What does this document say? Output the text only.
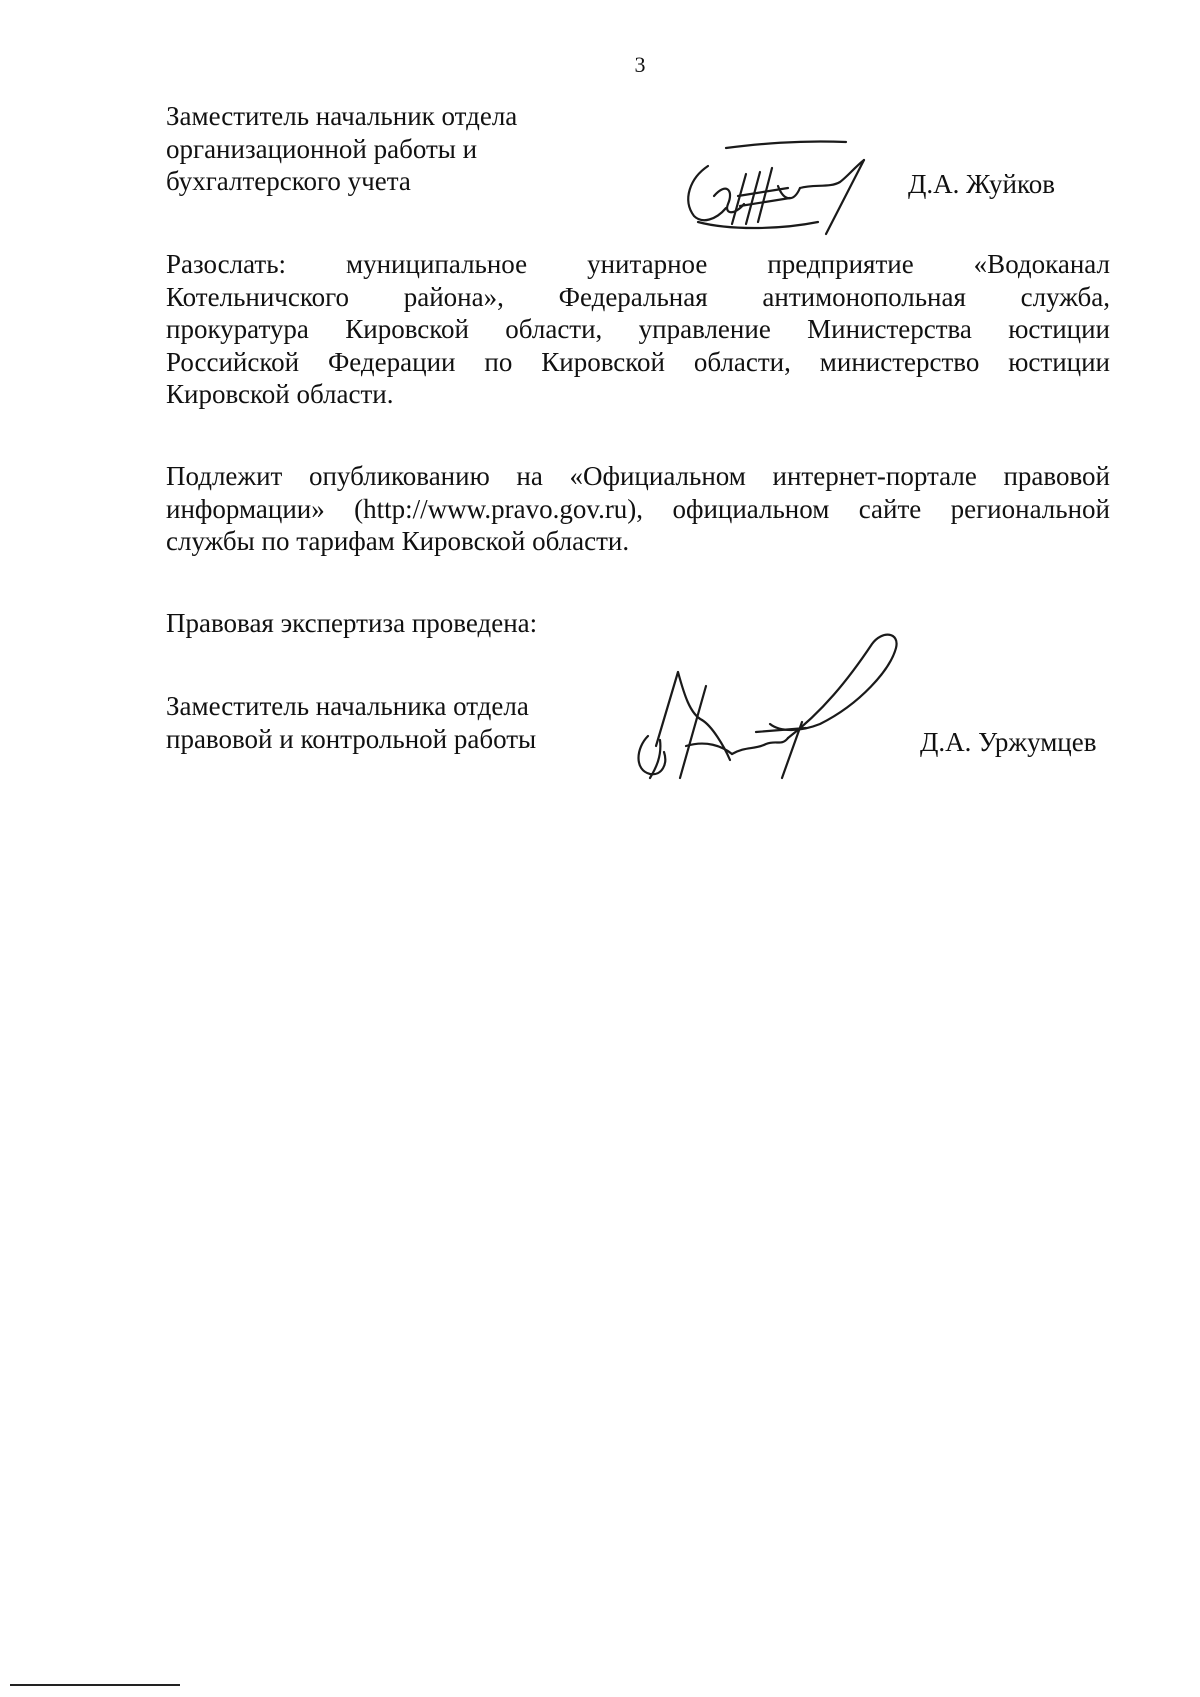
3
Заместитель начальник отдела
организационной работы и
бухгалтерского учета	Д.А. Жуйков
Разослать: муниципальное унитарное предприятие «Водоканал
Котельничского района», Федеральная антимонопольная служба,
прокуратура Кировской области, управление Министерства юстиции
Российской Федерации по Кировской области, министерство юстиции
Кировской области.
Подлежит опубликованию на «Официальном интернет-портале правовой
информации» (http://www.pravo.gov.ru), официальном сайте региональной
службы по тарифам Кировской области.
Правовая экспертиза проведена:
Заместитель начальника отдела
правовой и контрольной работы	Д.А. Уржумцев
